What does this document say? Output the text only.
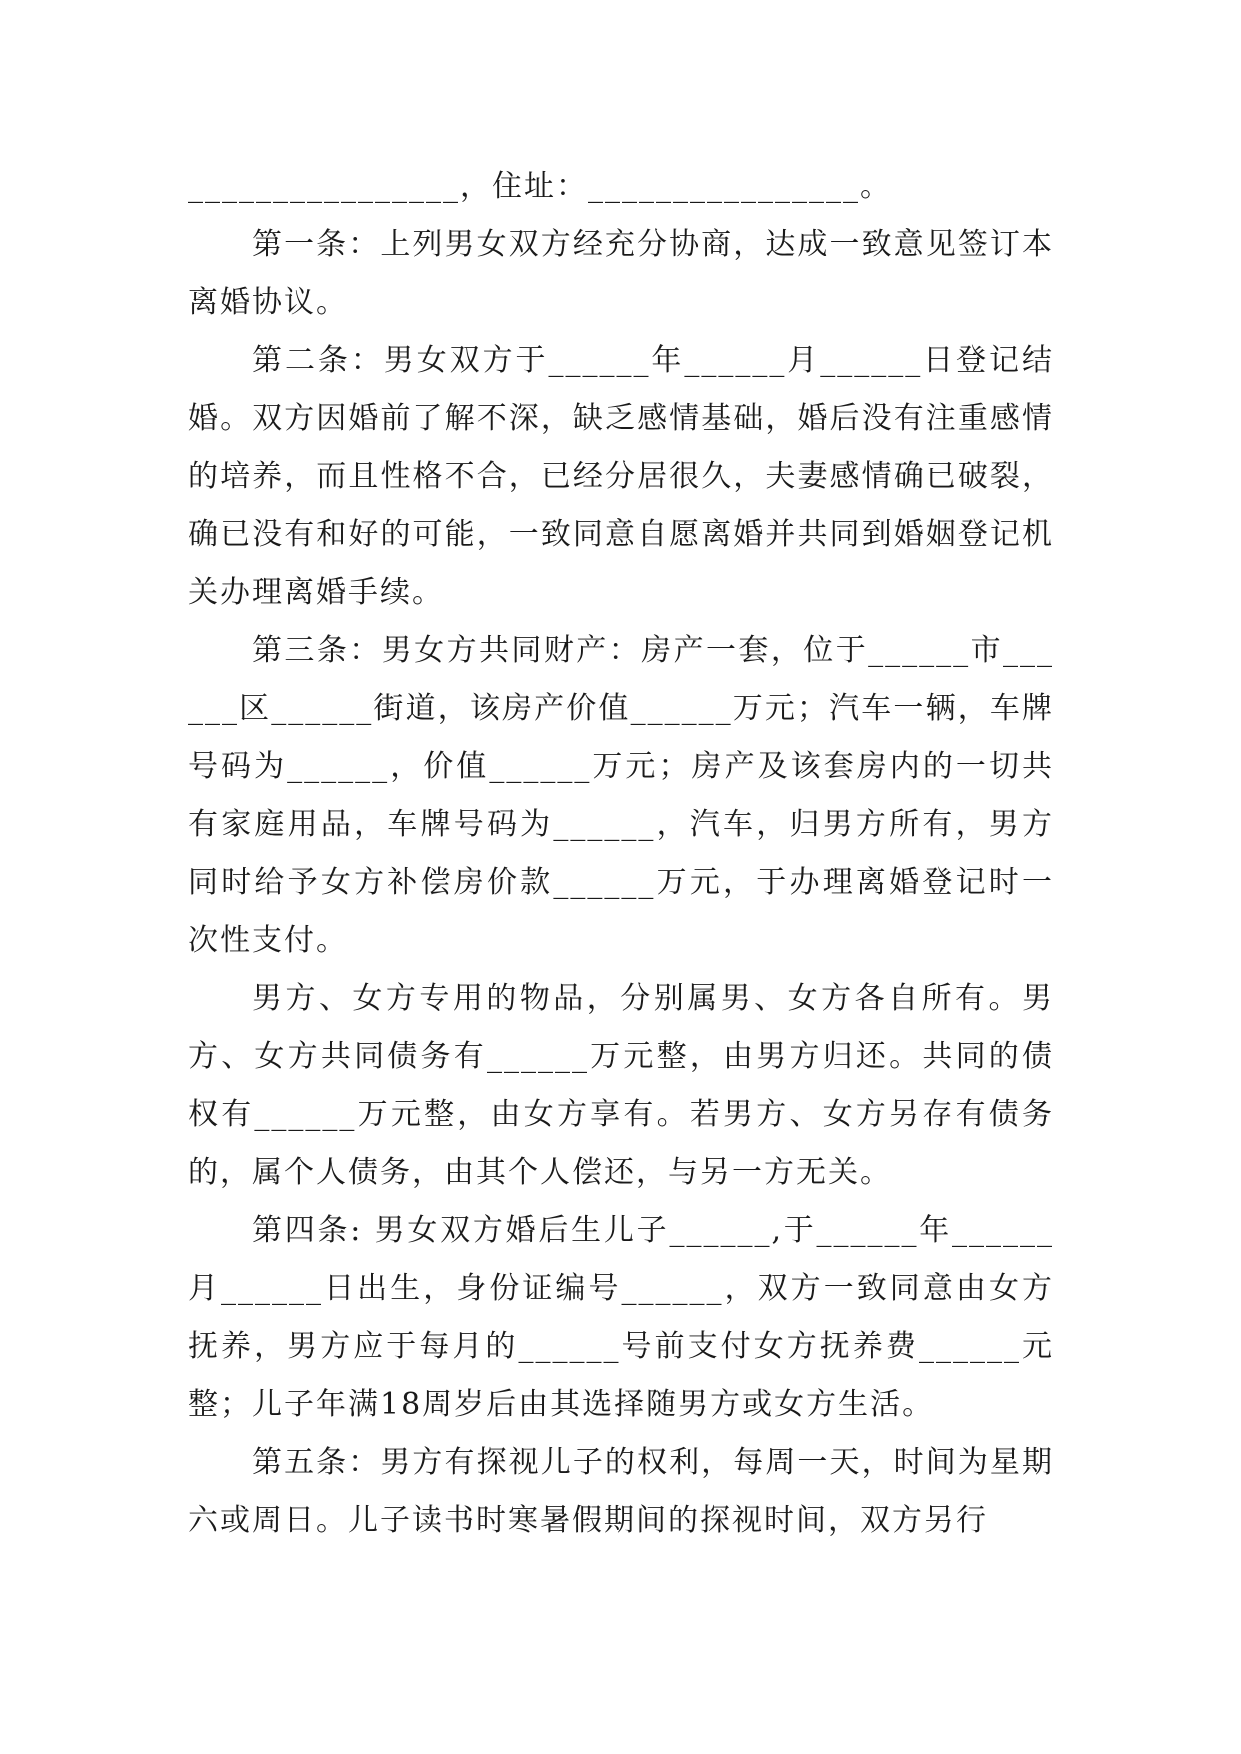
________________，住址：________________。

第一条：上列男女双方经充分协商，达成一致意见签订本离婚协议。

第二条：男女双方于______年______月______日登记结婚。双方因婚前了解不深，缺乏感情基础，婚后没有注重感情的培养，而且性格不合，已经分居很久，夫妻感情确已破裂，确已没有和好的可能，一致同意自愿离婚并共同到婚姻登记机关办理离婚手续。

第三条：男女方共同财产：房产一套，位于______市______区______街道，该房产价值______万元；汽车一辆，车牌号码为______，价值______万元；房产及该套房内的一切共有家庭用品，车牌号码为______，汽车，归男方所有，男方同时给予女方补偿房价款______万元，于办理离婚登记时一次性支付。

男方、女方专用的物品，分别属男、女方各自所有。男方、女方共同债务有______万元整，由男方归还。共同的债权有______万元整，由女方享有。若男方、女方另存有债务的，属个人债务，由其个人偿还，与另一方无关。

第四条: 男女双方婚后生儿子______,于______年______月______日出生，身份证编号______，双方一致同意由女方抚养，男方应于每月的______号前支付女方抚养费______元整；儿子年满18周岁后由其选择随男方或女方生活。

第五条：男方有探视儿子的权利，每周一天，时间为星期六或周日。儿子读书时寒暑假期间的探视时间，双方另行
